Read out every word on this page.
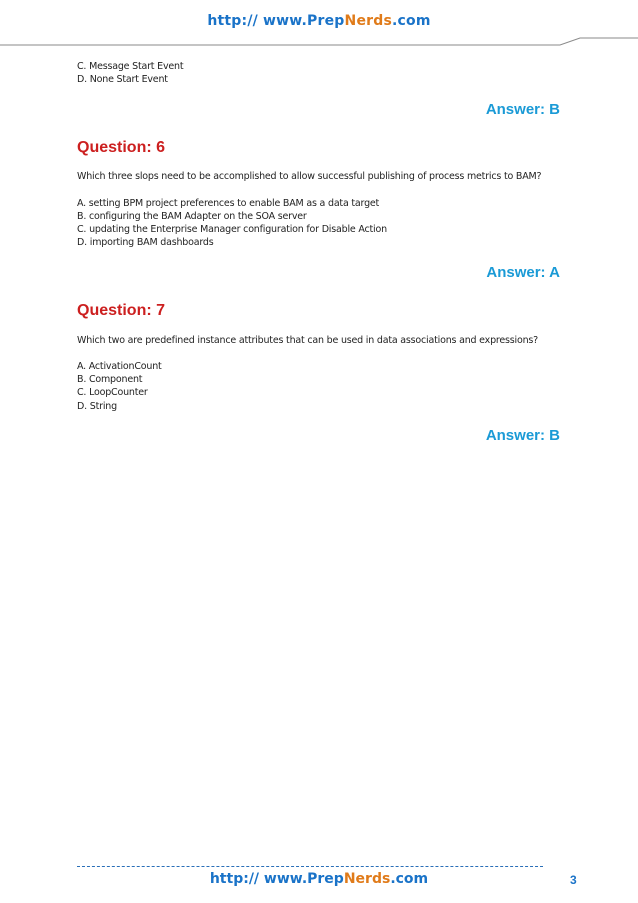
http:// www.PrepNerds.com
C. Message Start Event
D. None Start Event
Answer: B
Question: 6
Which three slops need to be accomplished to allow successful publishing of process metrics to BAM?
A. setting BPM project preferences to enable BAM as a data target
B. configuring the BAM Adapter on the SOA server
C. updating the Enterprise Manager configuration for Disable Action
D. importing BAM dashboards
Answer: A
Question: 7
Which two are predefined instance attributes that can be used in data associations and expressions?
A. ActivationCount
B. Component
C. LoopCounter
D. String
Answer: B
http:// www.PrepNerds.com	3
